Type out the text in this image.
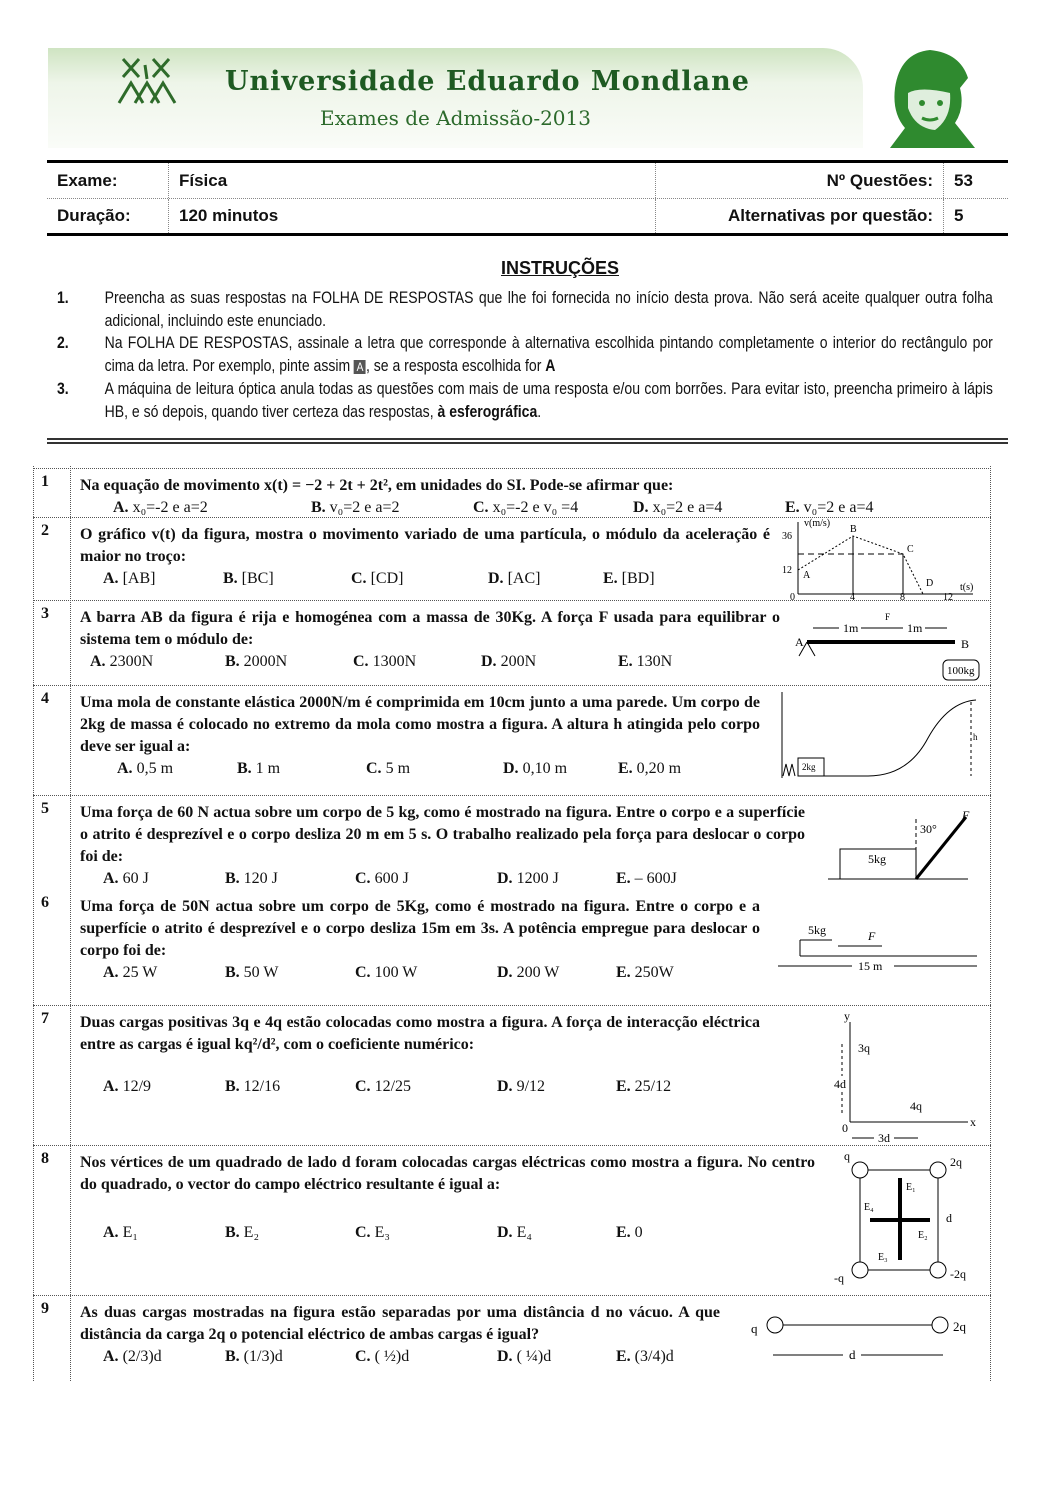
Universidade Eduardo Mondlane
Exames de Admissão-2013
Exame:	Física	Nº Questões:	53
Duração:	120 minutos	Alternativas por questão:	5
INSTRUÇÕES
1. Preencha as suas respostas na FOLHA DE RESPOSTAS que lhe foi fornecida no início desta prova. Não será aceite qualquer outra folha adicional, incluindo este enunciado.
2. Na FOLHA DE RESPOSTAS, assinale a letra que corresponde à alternativa escolhida pintando completamente o interior do rectângulo por cima da letra. Por exemplo, pinte assim A , se a resposta escolhida for A
3. A máquina de leitura óptica anula todas as questões com mais de uma resposta e/ou com borrões. Para evitar isto, preencha primeiro à lápis HB, e só depois, quando tiver certeza das respostas, à esferográfica.
1 Na equação de movimento x(t) = −2 + 2t + 2t², em unidades do SI. Pode-se afirmar que:
A. x₀=-2 e a=2	B. v₀=2 e a=2	C. x₀=-2 e v₀ =4	D. x₀=2 e a=4	E. v₀=2 e a=4
2 O gráfico v(t) da figura, mostra o movimento variado de uma partícula, o módulo da aceleração é maior no troço:
A. [AB]	B. [BC]	C. [CD]	D. [AC]	E. [BD]
3 A barra AB da figura é rija e homogénea com a massa de 30Kg. A força F usada para equilibrar o sistema tem o módulo de:
A. 2300N	B. 2000N	C. 1300N	D. 200N	E. 130N
4 Uma mola de constante elástica 2000N/m é comprimida em 10cm junto a uma parede. Um corpo de 2kg de massa é colocado no extremo da mola como mostra a figura. A altura h atingida pelo corpo deve ser igual a:
A. 0,5 m	B. 1 m	C. 5 m	D. 0,10 m	E. 0,20 m
5 Uma força de 60 N actua sobre um corpo de 5 kg, como é mostrado na figura. Entre o corpo e a superfície o atrito é desprezível e o corpo desliza 20 m em 5 s. O trabalho realizado pela força para deslocar o corpo foi de:
A. 60 J	B. 120 J	C. 600 J	D. 1200 J	E. – 600J
6 Uma força de 50N actua sobre um corpo de 5Kg, como é mostrado na figura. Entre o corpo e a superfície o atrito é desprezível e o corpo desliza 15m em 3s. A potência empregue para deslocar o corpo foi de:
A. 25 W	B. 50 W	C. 100 W	D. 200 W	E. 250W
7 Duas cargas positivas 3q e 4q estão colocadas como mostra a figura. A força de interacção eléctrica entre as cargas é igual kq²/d², com o coeficiente numérico:
A. 12/9	B. 12/16	C. 12/25	D. 9/12	E. 25/12
8 Nos vértices de um quadrado de lado d foram colocadas cargas eléctricas como mostra a figura. No centro do quadrado, o vector do campo eléctrico resultante é igual a:
A. E₁	B. E₂	C. E₃	D. E₄	E. 0
9 As duas cargas mostradas na figura estão separadas por uma distância d no vácuo. A que distância da carga 2q o potencial eléctrico de ambas cargas é igual?
A. (2/3)d	B. (1/3)d	C. ( ½)d	D. ( ¼)d	E. (3/4)d
v(m/s)
t(s)
36
12
0	4	8	12
A
B
C
D
1m	1m
A	B
F
100kg
2kg
h
5kg
30°
F
5kg	F
15 m
y
x
3q
4q
0
4d
3d
q	2q
-q	-2q
d
E₁
E₂
E₃
E₄
q	2q
d
